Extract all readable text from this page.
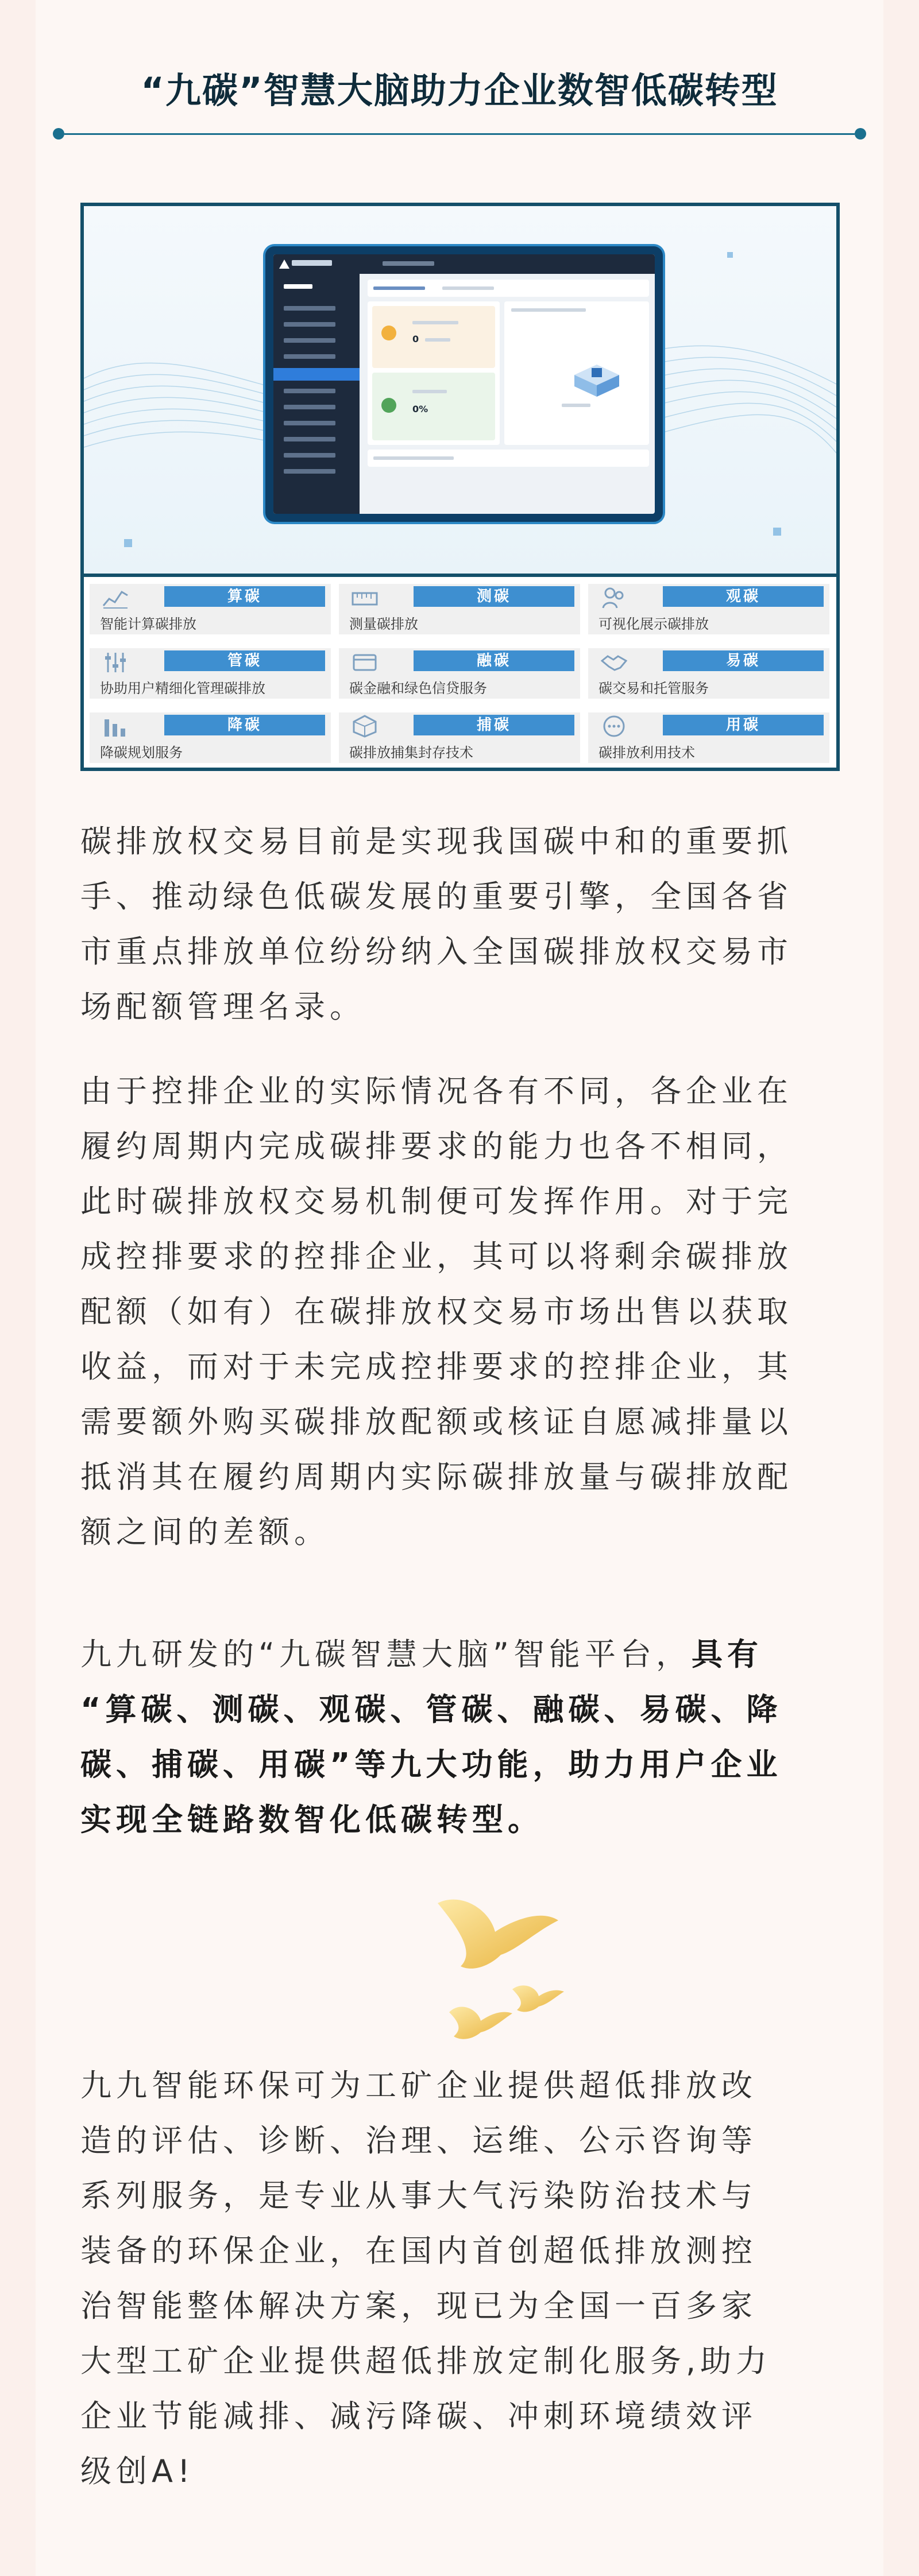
“九碳”智慧大脑助力企业数智低碳转型
0
0%
算碳
智能计算碳排放
测碳
测量碳排放
观碳
可视化展示碳排放
管碳
协助用户精细化管理碳排放
融碳
碳金融和绿色信贷服务
易碳
碳交易和托管服务
降碳
降碳规划服务
捕碳
碳排放捕集封存技术
用碳
碳排放利用技术
碳排放权交易目前是实现我国碳中和的重要抓
手、推动绿色低碳发展的重要引擎，全国各省
市重点排放单位纷纷纳入全国碳排放权交易市
场配额管理名录。
由于控排企业的实际情况各有不同，各企业在
履约周期内完成碳排要求的能力也各不相同，
此时碳排放权交易机制便可发挥作用。对于完
成控排要求的控排企业，其可以将剩余碳排放
配额（如有）在碳排放权交易市场出售以获取
收益，而对于未完成控排要求的控排企业，其
需要额外购买碳排放配额或核证自愿减排量以
抵消其在履约周期内实际碳排放量与碳排放配
额之间的差额。
九九研发的“九碳智慧大脑”智能平台，具有
“算碳、测碳、观碳、管碳、融碳、易碳、降
碳、捕碳、用碳”等九大功能，助力用户企业
实现全链路数智化低碳转型。
九九智能环保可为工矿企业提供超低排放改
造的评估、诊断、治理、运维、公示咨询等
系列服务，是专业从事大气污染防治技术与
装备的环保企业，在国内首创超低排放测控
治智能整体解决方案，现已为全国一百多家
大型工矿企业提供超低排放定制化服务,助力
企业节能减排、减污降碳、冲刺环境绩效评
级创A!
